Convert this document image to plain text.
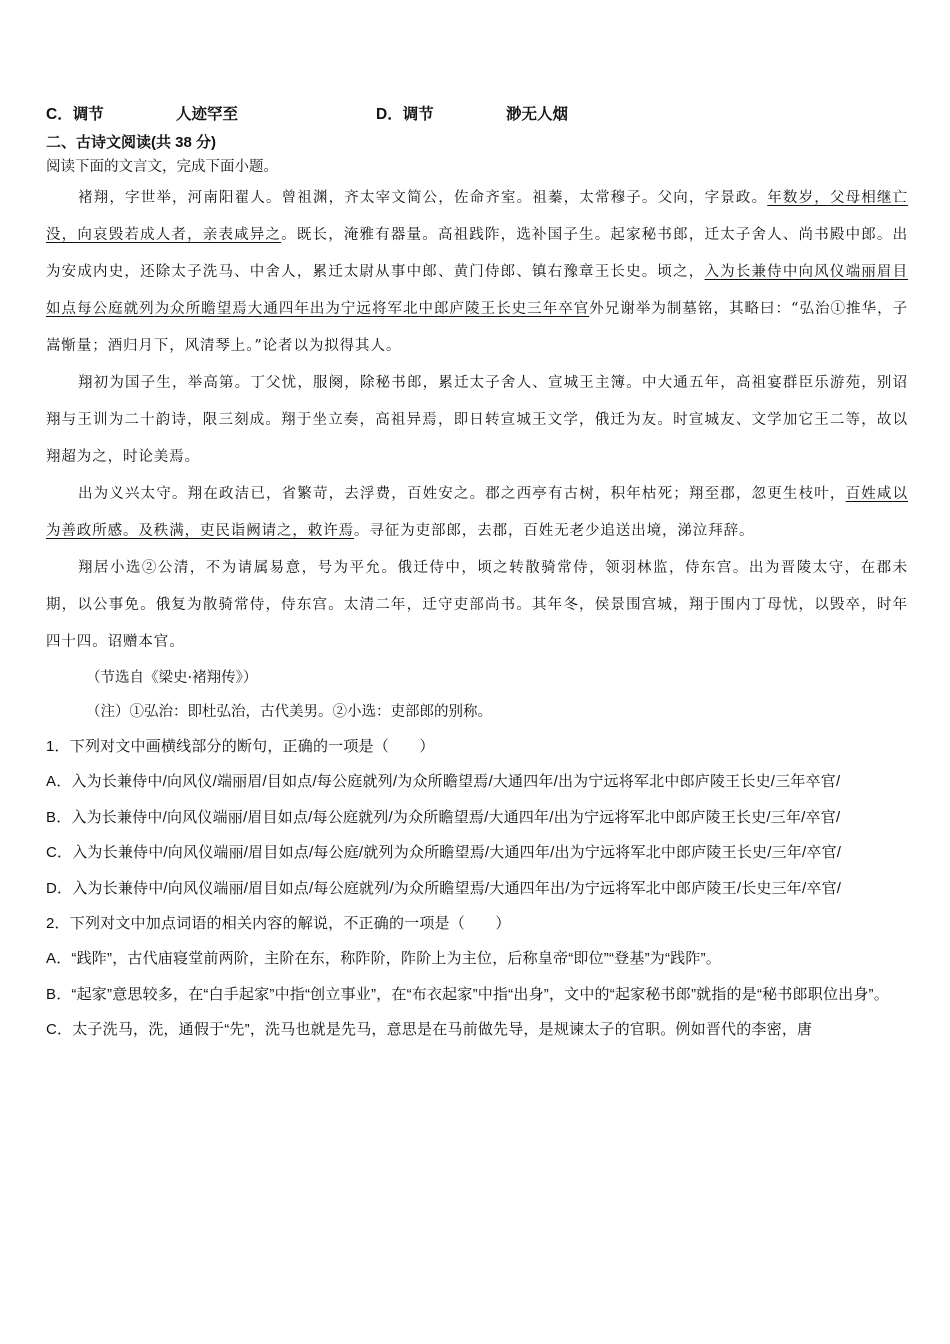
C．调节	人迹罕至	D．调节	渺无人烟
二、古诗文阅读(共 38 分)
阅读下面的文言文，完成下面小题。

褚翔，字世举，河南阳翟人。曾祖渊，齐太宰文简公，佐命齐室。祖蓁，太常穆子。父向，字景政。年数岁，父母相继亡没，向哀毁若成人者，亲表咸异之。既长，淹雅有器量。高祖践阼，选补国子生。起家秘书郎，迁太子舍人、尚书殿中郎。出为安成内史，还除太子洗马、中舍人，累迁太尉从事中郎、黄门侍郎、镇右豫章王长史。顷之，入为长兼侍中向风仪端丽眉目如点每公庭就列为众所瞻望焉大通四年出为宁远将军北中郎庐陵王长史三年卒官外兄谢举为制墓铭，其略曰：“弘治①推华，子嵩惭量；酒归月下，风清琴上。”论者以为拟得其人。

翔初为国子生，举高第。丁父忧，服阕，除秘书郎，累迁太子舍人、宣城王主簿。中大通五年，高祖宴群臣乐游苑，别诏翔与王训为二十韵诗，限三刻成。翔于坐立奏，高祖异焉，即日转宣城王文学，俄迁为友。时宣城友、文学加它王二等，故以翔超为之，时论美焉。

出为义兴太守。翔在政洁已，省繁苛，去浮费，百姓安之。郡之西亭有古树，积年枯死；翔至郡，忽更生枝叶，百姓咸以为善政所感。及秩满，吏民诣阙请之，敕许焉。寻征为吏部郎，去郡，百姓无老少追送出境，涕泣拜辞。

翔居小选②公清，不为请属易意，号为平允。俄迁侍中，顷之转散骑常侍，领羽林监，侍东宫。出为晋陵太守，在郡未期，以公事免。俄复为散骑常侍，侍东宫。太清二年，迁守吏部尚书。其年冬，侯景围宫城，翔于围内丁母忧，以毁卒，时年四十四。诏赠本官。

（节选自《梁史·褚翔传》）

（注）①弘治：即杜弘治，古代美男。②小选：吏部郎的别称。

1．下列对文中画横线部分的断句，正确的一项是（　　）

A．入为长兼侍中/向风仪/端丽眉/目如点/每公庭就列/为众所瞻望焉/大通四年/出为宁远将军北中郎庐陵王长史/三年卒官/

B．入为长兼侍中/向风仪端丽/眉目如点/每公庭就列/为众所瞻望焉/大通四年/出为宁远将军北中郎庐陵王长史/三年/卒官/

C．入为长兼侍中/向风仪端丽/眉目如点/每公庭/就列为众所瞻望焉/大通四年/出为宁远将军北中郎庐陵王长史/三年/卒官/

D．入为长兼侍中/向风仪端丽/眉目如点/每公庭就列/为众所瞻望焉/大通四年出/为宁远将军北中郎庐陵王/长史三年/卒官/

2．下列对文中加点词语的相关内容的解说，不正确的一项是（　　）

A．“践阼”，古代庙寝堂前两阶，主阶在东，称阼阶，阼阶上为主位，后称皇帝“即位”“登基”为“践阼”。

B．“起家”意思较多，在“白手起家”中指“创立事业”，在“布衣起家”中指“出身”，文中的“起家秘书郎”就指的是“秘书郎职位出身”。

C．太子洗马，洗，通假于“先”，洗马也就是先马，意思是在马前做先导，是规谏太子的官职。例如晋代的李密，唐
